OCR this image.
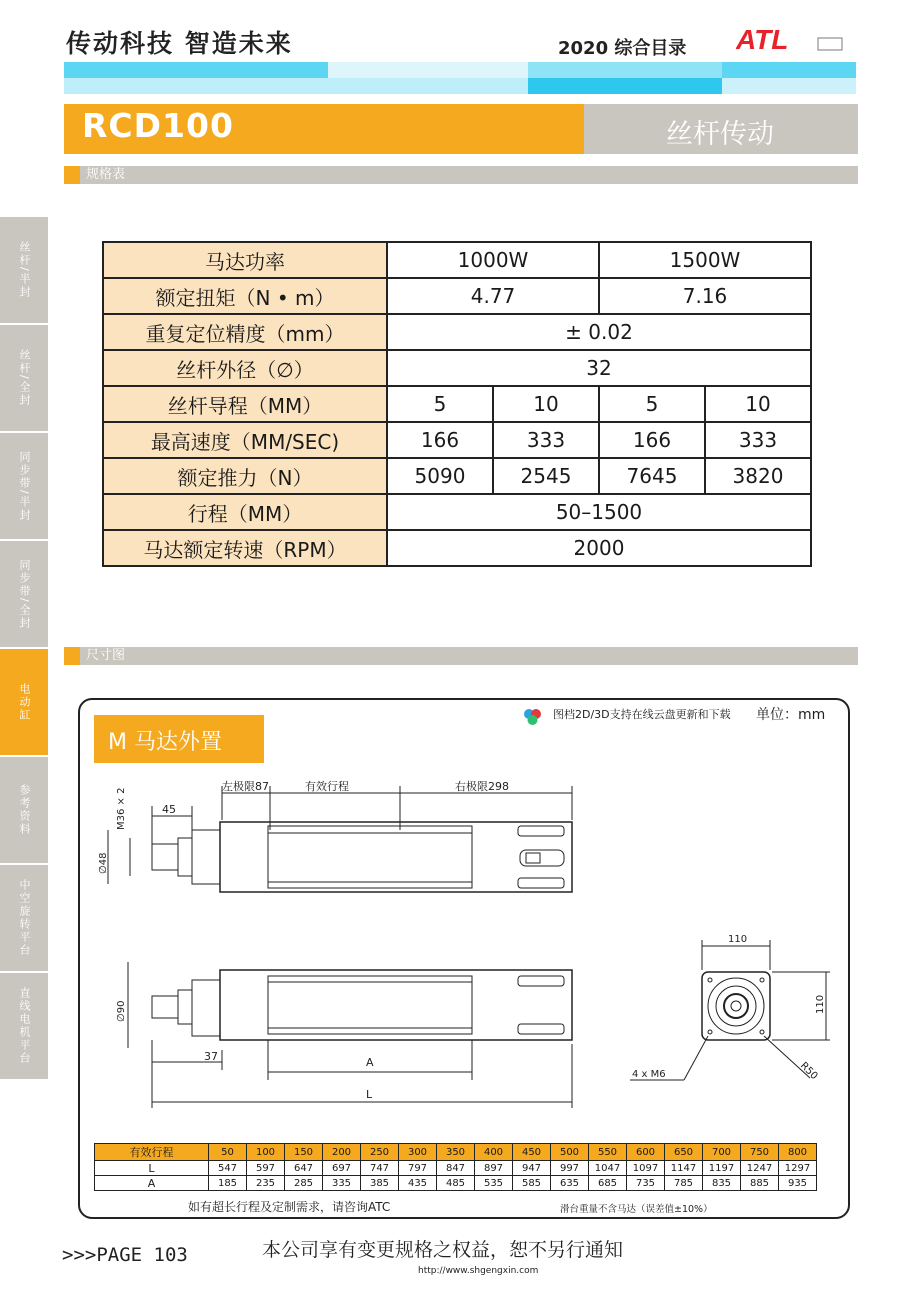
传动科技 智造未来	2020 综合目录 ATL
RCD100	丝杆传动
规格表
丝杆/半封
丝杆/全封
同步带/半封
同步带/全封
电动缸
参考资料
中空旋转平台
直线电机平台
马达功率	1000W		1500W	
额定扭矩（N • m）	4.77		7.16	
重复定位精度（mm）	± 0.02			
丝杆外径（∅）	32			
丝杆导程（MM）	5	10	5	10
最高速度（MM/SEC)	166	333	166	333
额定推力（N）	5090	2545	7645	3820
行程（MM）	50–1500			
马达额定转速（RPM）	2000			
尺寸图
M 马达外置
图档2D/3D支持在线云盘更新和下载 单位：mm
左极限87	有效行程	右极限298
45
M36 × 2
∅48
∅90
37	A
L
110
110
4 x M6	R50
有效行程	50	100	150	200	250	300	350	400	450	500	550	600	650	700	750	800
L	547	597	647	697	747	797	847	897	947	997	1047	1097	1147	1197	1247	1297
A	185	235	285	335	385	435	485	535	585	635	685	735	785	835	885	935
如有超长行程及定制需求，请咨询ATC	滑台重量不含马达（误差值±10%）
>>>PAGE 103	本公司享有变更规格之权益，恕不另行通知
http://www.shgengxin.com
